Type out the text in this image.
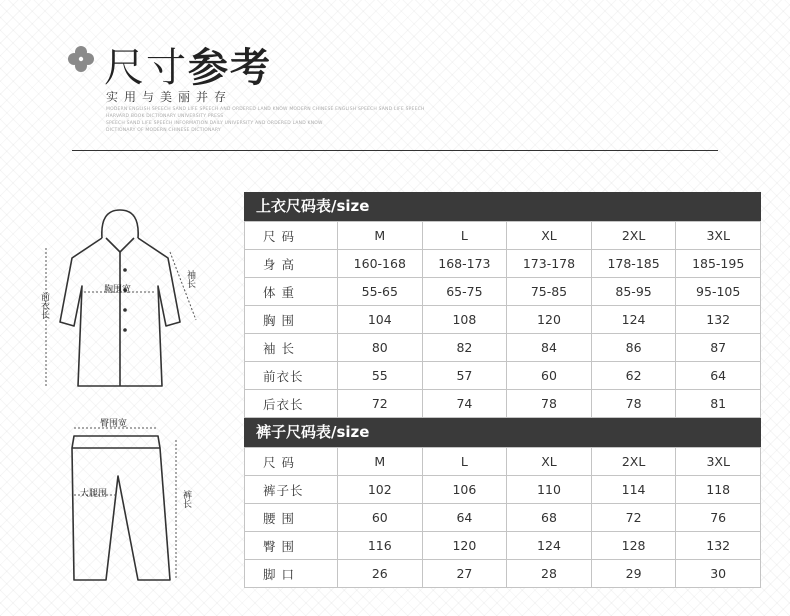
尺寸参考
实用与美丽并存
MODERN ENGLISH SPEECH SAND LIFE SPEECH AND ORDERED LAND KNOW MODERN CHINESE ENGLISH SPEECH SAND LIFE SPEECH
HARVARD BOOK DICTIONARY UNIVERSITY PRESS
SPEECH SAND LIFE SPEECH INFORMATION DAILY UNIVERSITY AND ORDERED LAND KNOW
DICTIONARY OF MODERN CHINESE DICTIONARY
胸围宽
袖长
前衣长
臀围宽
大腿围	裤长
上衣尺码表/size
尺 码	M	L	XL	2XL	3XL
身 高	160-168	168-173	173-178	178-185	185-195
体 重	55-65	65-75	75-85	85-95	95-105
胸 围	104	108	120	124	132
袖 长	80	82	84	86	87
前衣长	55	57	60	62	64
后衣长	72	74	78	78	81
裤子尺码表/size
尺 码	M	L	XL	2XL	3XL
裤子长	102	106	110	114	118
腰 围	60	64	68	72	76
臀 围	116	120	124	128	132
脚 口	26	27	28	29	30
